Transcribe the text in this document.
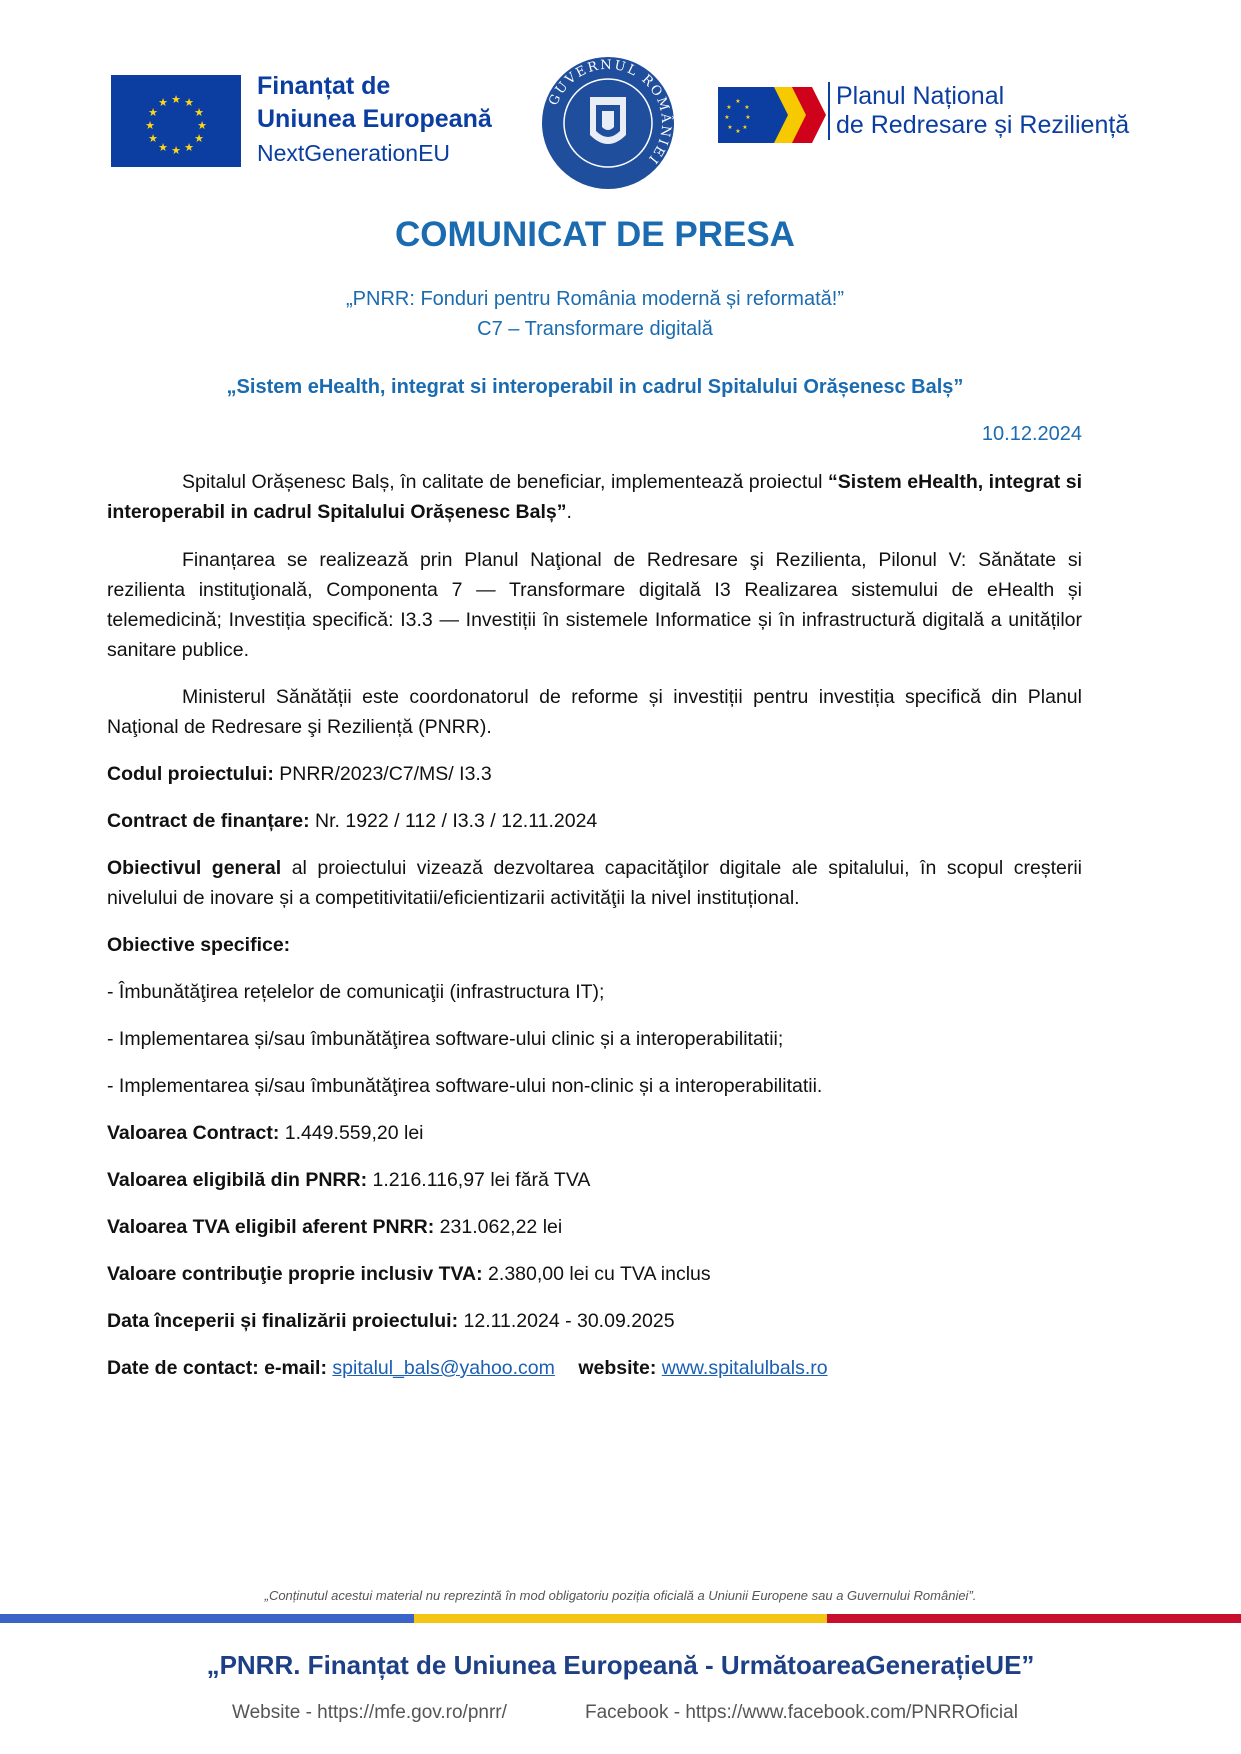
★ ★
★
★
★
★
★
★
★
★
★
★
Finanțat de
Uniunea Europeană
NextGenerationEU
GUVERNUL ROMÂNIEI
★
★
★
★
★
★
★
★	Planul Național
de Redresare și Reziliență
COMUNICAT DE PRESA
„PNRR: Fonduri pentru România modernă și reformată!”
C7 – Transformare digitală
„Sistem eHealth, integrat si interoperabil in cadrul Spitalului Orășenesc Balș”
10.12.2024
Spitalul Orășenesc Balș, în calitate de beneficiar, implementează proiectul “Sistem eHealth, integrat si interoperabil in cadrul Spitalului Orășenesc Balș”.
Finanțarea se realizează prin Planul Naţional de Redresare şi Rezilienta, Pilonul V: Sănătate si rezilienta instituţională, Componenta 7 — Transformare digitală I3 Realizarea sistemului de eHealth și telemedicină; Investiția specifică: I3.3 — Investiții în sistemele Informatice și în infrastructură digitală a unităților sanitare publice.
Ministerul Sănătății este coordonatorul de reforme și investiții pentru investiția specifică din Planul Naţional de Redresare şi Reziliență (PNRR).
Codul proiectului: PNRR/2023/C7/MS/ I3.3
Contract de finanțare: Nr. 1922 / 112 / I3.3 / 12.11.2024
Obiectivul general al proiectului vizează dezvoltarea capacităţilor digitale ale spitalului, în scopul creșterii nivelului de inovare și a competitivitatii/eficientizarii activităţii la nivel instituțional.
Obiective specifice:
- Îmbunătăţirea rețelelor de comunicaţii (infrastructura IT);
- Implementarea și/sau îmbunătăţirea software-ului clinic și a interoperabilitatii;
- Implementarea și/sau îmbunătăţirea software-ului non-clinic și a interoperabilitatii.
Valoarea Contract: 1.449.559,20 lei
Valoarea eligibilă din PNRR: 1.216.116,97 lei fără TVA
Valoarea TVA eligibil aferent PNRR: 231.062,22 lei
Valoare contribuţie proprie inclusiv TVA: 2.380,00 lei cu TVA inclus
Data începerii și finalizării proiectului: 12.11.2024 - 30.09.2025
Date de contact: e-mail: spitalul_bals@yahoo.com website: www.spitalulbals.ro
„Conținutul acestui material nu reprezintă în mod obligatoriu poziția oficială a Uniunii Europene sau a Guvernului României”.
„PNRR. Finanțat de Uniunea Europeană - UrmătoareaGenerațieUE”
Website - https://mfe.gov.ro/pnrr/	Facebook - https://www.facebook.com/PNRROficial
